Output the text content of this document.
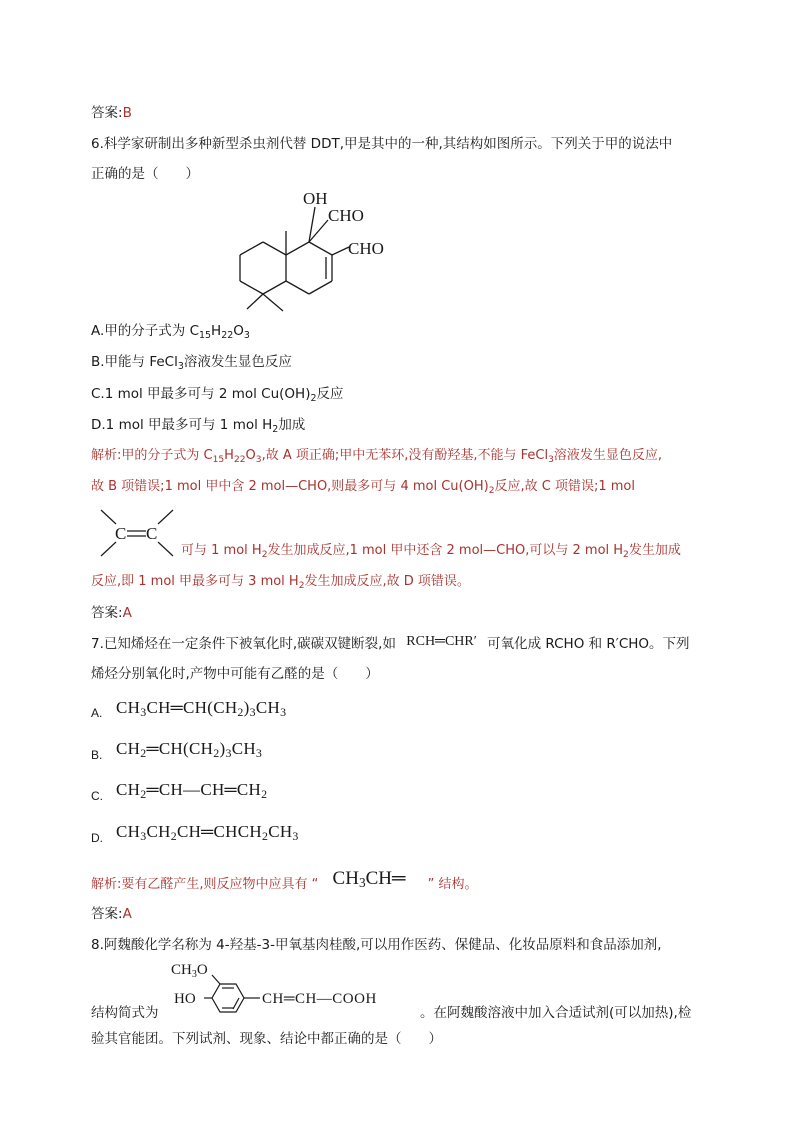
答案:B
6.科学家研制出多种新型杀虫剂代替 DDT,甲是其中的一种,其结构如图所示。下列关于甲的说法中
正确的是（　　）
OH
CHO
CHO
A.甲的分子式为 $C_{15}H_{22}O_3$
B.甲能与 FeCl$_3$溶液发生显色反应
C.1 mol 甲最多可与 2 mol $Cu(OH)_2$反应
D.1 mol 甲最多可与 1 mol $H_2$加成
解析:甲的分子式为 $C_{15}H_{22}O_3$,故 A 项正确;甲中无苯环,没有酚羟基,不能与 FeCl$_3$溶液发生显色反应,
故 B 项错误;1 mol 甲中含 2 mol—CHO,则最多可与 4 mol $Cu(OH)_2$反应,故 C 项错误;1 mol
C C
可与 1 mol $H_2$发生加成反应,1 mol 甲中还含 2 mol—CHO,可以与 2 mol $H_2$发生加成
反应,即 1 mol 甲最多可与 3 mol $H_2$发生加成反应,故 D 项错误。
答案:A
7.已知烯烃在一定条件下被氧化时,碳碳双键断裂,如 RCH═CHR′ 可氧化成 RCHO 和 R′CHO。下列
烯烃分别氧化时,产物中可能有乙醛的是（　　）
A. $CH_3CH═CH(CH_2)_3CH_3$
B. $CH_2═CH(CH_2)_3CH_3$
C. $CH_2═CH—CH═CH_2$
D. $CH_3CH_2CH═CHCH_2CH_3$
解析:要有乙醛产生,则反应物中应具有 “ $CH_3CH═$ ” 结构。
答案:A
8.阿魏酸化学名称为 4-羟基-3-甲氧基肉桂酸,可以用作医药、保健品、化妆品原料和食品添加剂,
结构简式为
$CH_3O$
HO	CH═CH—COOH
。在阿魏酸溶液中加入合适试剂(可以加热),检
验其官能团。下列试剂、现象、结论中都正确的是（　　）
